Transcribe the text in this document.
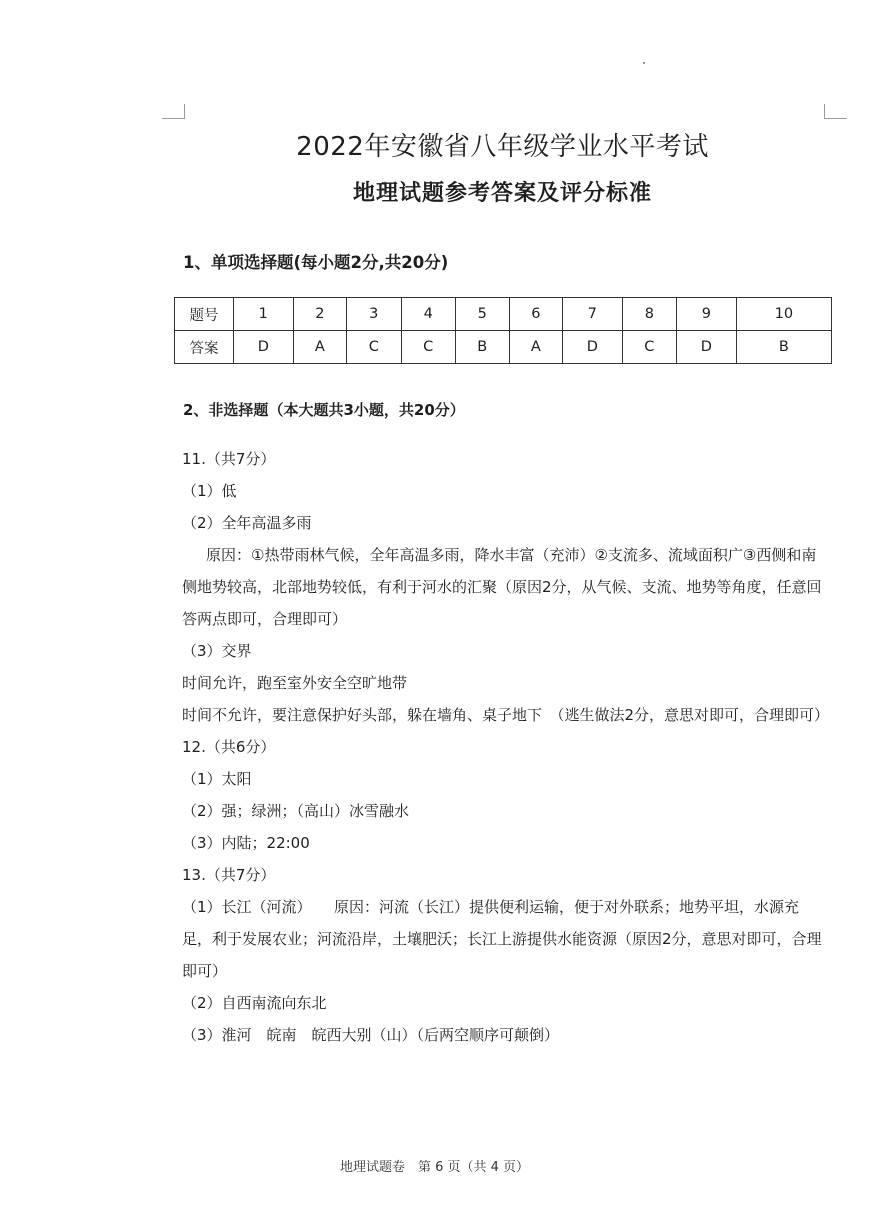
2022年安徽省八年级学业水平考试
地理试题参考答案及评分标准
1、单项选择题(每小题2分,共20分)
题号	1	2	3	4	5	6	7	8	9	10
答案	D	A	C	C	B	A	D	C	D	B
2、非选择题（本大题共3小题，共20分）

11.（共7分）

（1）低

（2）全年高温多雨

原因：①热带雨林气候，全年高温多雨，降水丰富（充沛）②支流多、流域面积广③西侧和南侧地势较高，北部地势较低，有利于河水的汇聚（原因2分，从气候、支流、地势等角度，任意回答两点即可，合理即可）

（3）交界

时间允许，跑至室外安全空旷地带

时间不允许，要注意保护好头部，躲在墙角、桌子地下　（逃生做法2分，意思对即可，合理即可）

12.（共6分）

（1）太阳

（2）强；绿洲；（高山）冰雪融水

（3）内陆；22:00

13.（共7分）

（1）长江（河流）　　原因：河流（长江）提供便利运输，便于对外联系；地势平坦，水源充足，利于发展农业；河流沿岸，土壤肥沃；长江上游提供水能资源（原因2分，意思对即可，合理即可）

（2）自西南流向东北

（3）淮河　皖南　皖西大别（山）（后两空顺序可颠倒）

地理试题卷　第 6 页（共 4 页）
